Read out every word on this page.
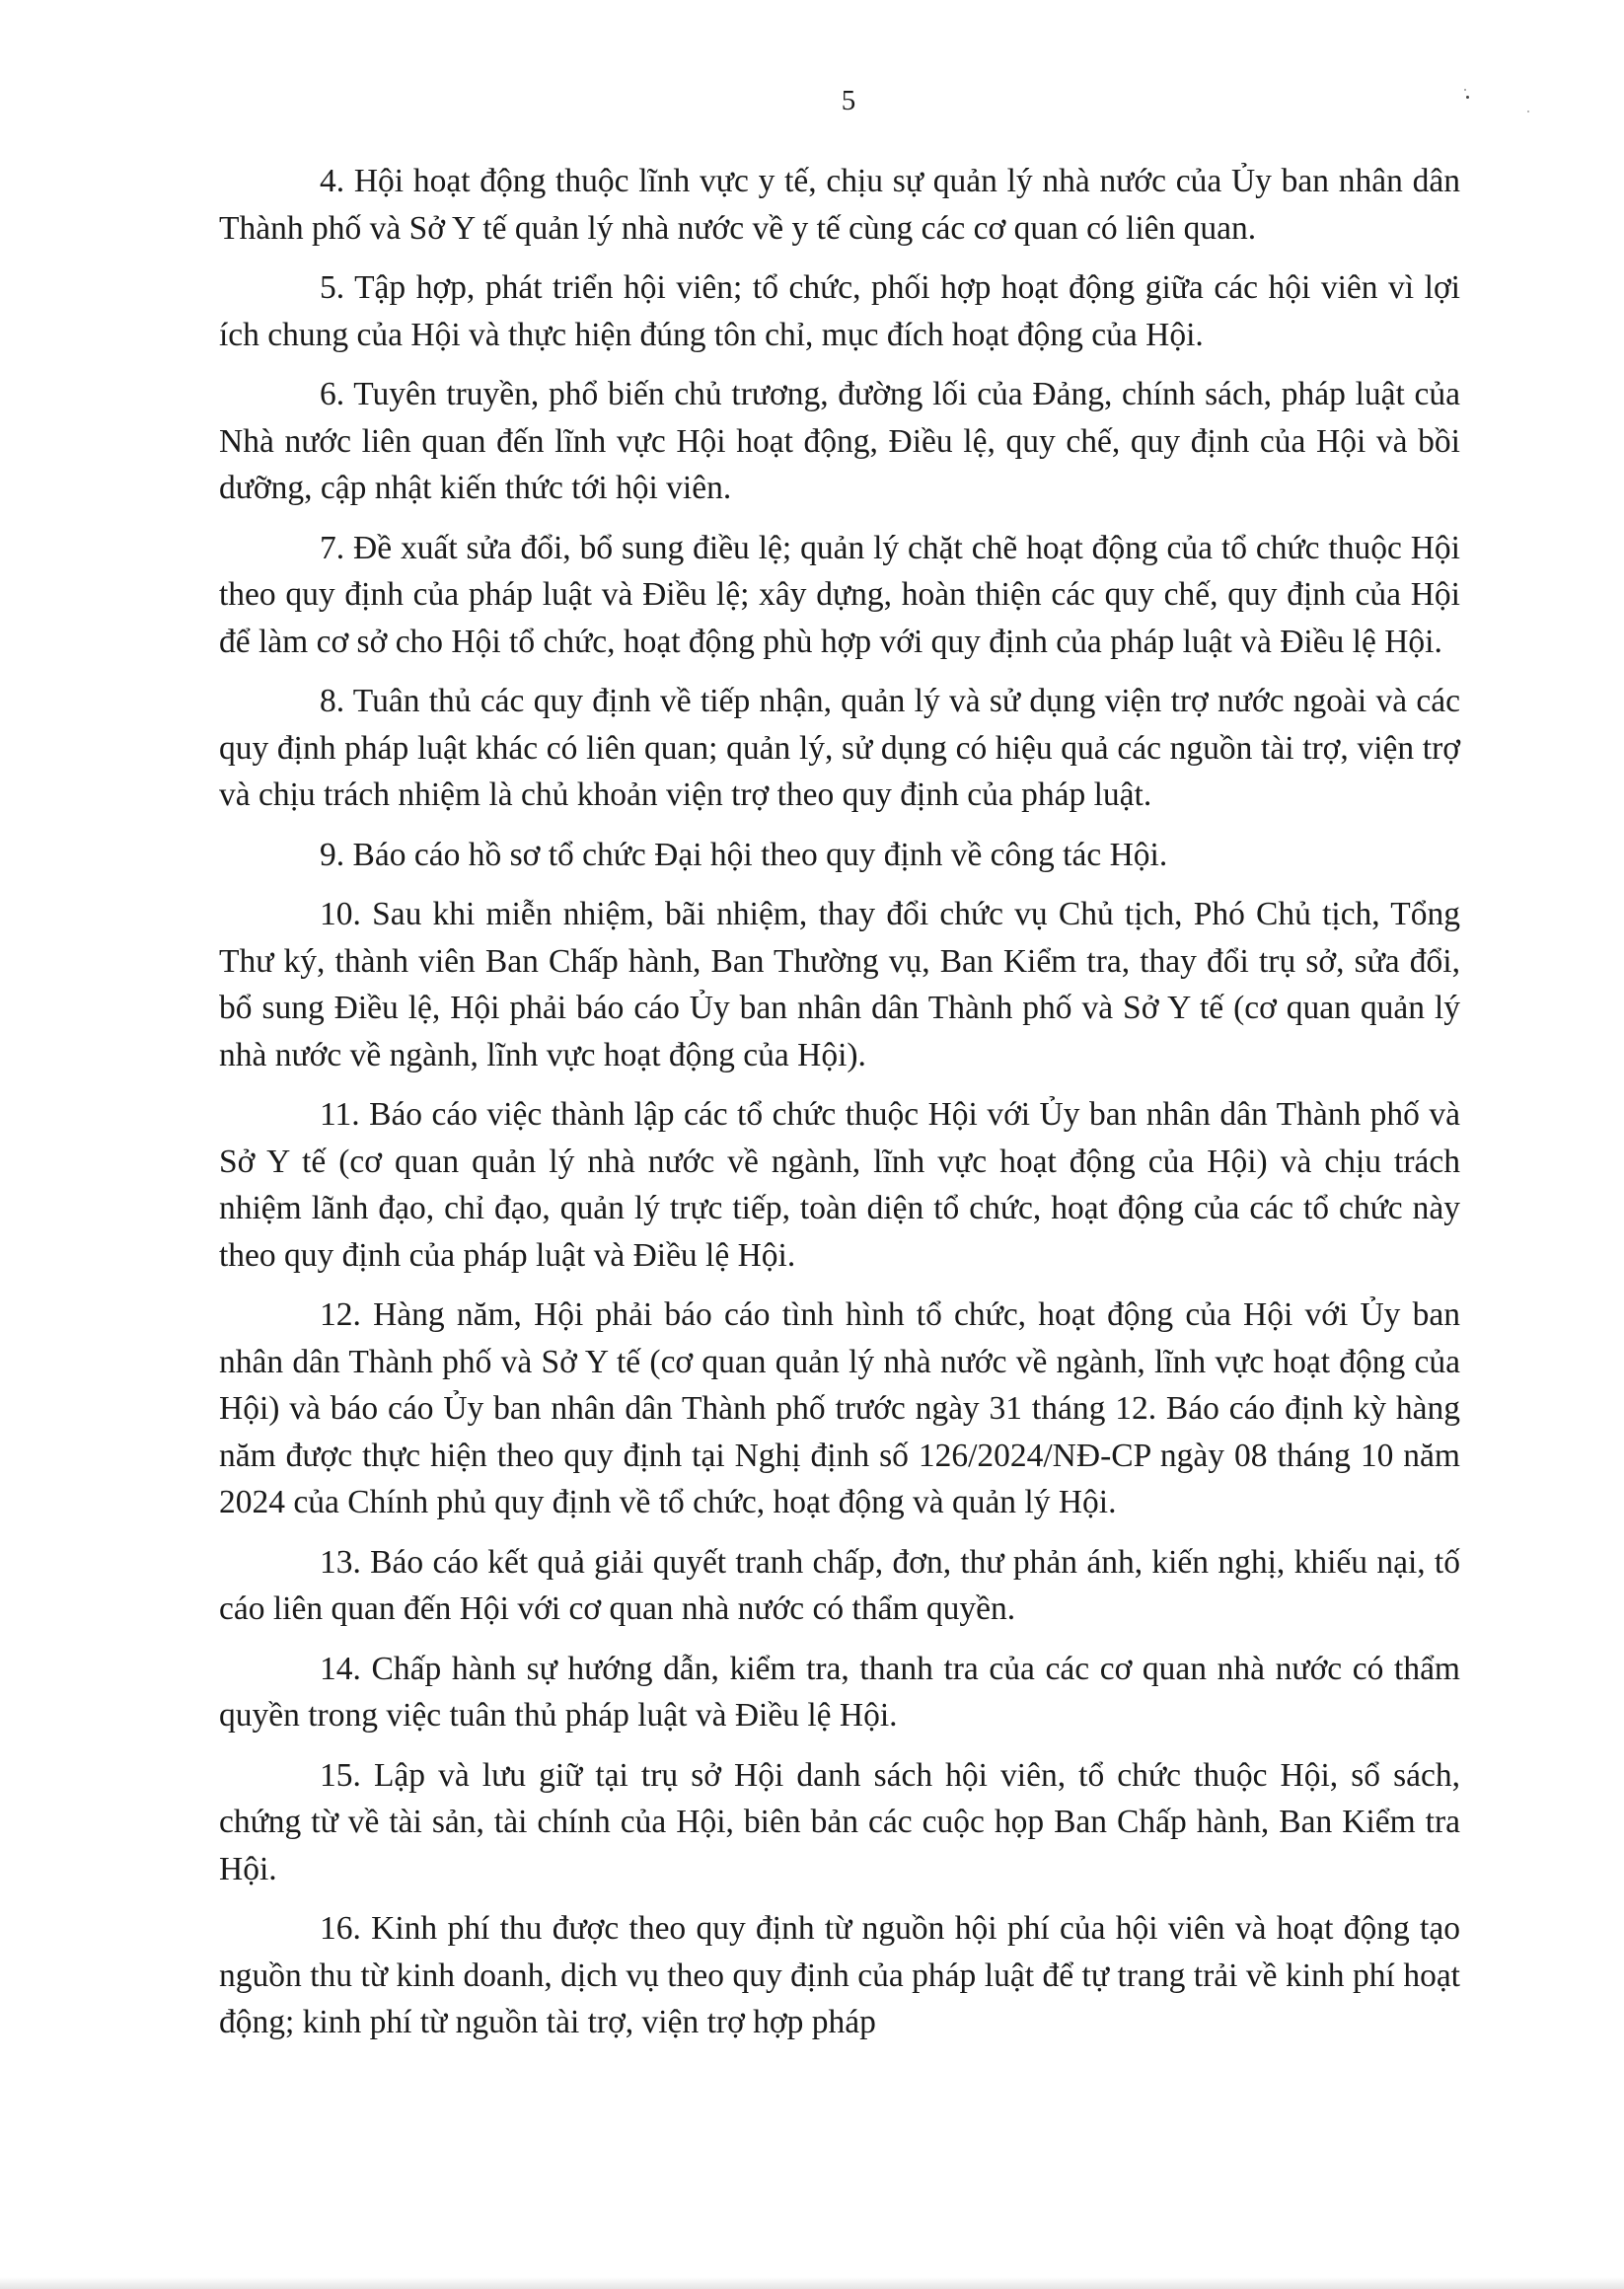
5

4. Hội hoạt động thuộc lĩnh vực y tế, chịu sự quản lý nhà nước của Ủy ban nhân dân Thành phố và Sở Y tế quản lý nhà nước về y tế cùng các cơ quan có liên quan.

5. Tập hợp, phát triển hội viên; tổ chức, phối hợp hoạt động giữa các hội viên vì lợi ích chung của Hội và thực hiện đúng tôn chỉ, mục đích hoạt động của Hội.

6. Tuyên truyền, phổ biến chủ trương, đường lối của Đảng, chính sách, pháp luật của Nhà nước liên quan đến lĩnh vực Hội hoạt động, Điều lệ, quy chế, quy định của Hội và bồi dưỡng, cập nhật kiến thức tới hội viên.

7. Đề xuất sửa đổi, bổ sung điều lệ; quản lý chặt chẽ hoạt động của tổ chức thuộc Hội theo quy định của pháp luật và Điều lệ; xây dựng, hoàn thiện các quy chế, quy định của Hội để làm cơ sở cho Hội tổ chức, hoạt động phù hợp với quy định của pháp luật và Điều lệ Hội.

8. Tuân thủ các quy định về tiếp nhận, quản lý và sử dụng viện trợ nước ngoài và các quy định pháp luật khác có liên quan; quản lý, sử dụng có hiệu quả các nguồn tài trợ, viện trợ và chịu trách nhiệm là chủ khoản viện trợ theo quy định của pháp luật.

9. Báo cáo hồ sơ tổ chức Đại hội theo quy định về công tác Hội.

10. Sau khi miễn nhiệm, bãi nhiệm, thay đổi chức vụ Chủ tịch, Phó Chủ tịch, Tổng Thư ký, thành viên Ban Chấp hành, Ban Thường vụ, Ban Kiểm tra, thay đổi trụ sở, sửa đổi, bổ sung Điều lệ, Hội phải báo cáo Ủy ban nhân dân Thành phố và Sở Y tế (cơ quan quản lý nhà nước về ngành, lĩnh vực hoạt động của Hội).

11. Báo cáo việc thành lập các tổ chức thuộc Hội với Ủy ban nhân dân Thành phố và Sở Y tế (cơ quan quản lý nhà nước về ngành, lĩnh vực hoạt động của Hội) và chịu trách nhiệm lãnh đạo, chỉ đạo, quản lý trực tiếp, toàn diện tổ chức, hoạt động của các tổ chức này theo quy định của pháp luật và Điều lệ Hội.

12. Hàng năm, Hội phải báo cáo tình hình tổ chức, hoạt động của Hội với Ủy ban nhân dân Thành phố và Sở Y tế (cơ quan quản lý nhà nước về ngành, lĩnh vực hoạt động của Hội) và báo cáo Ủy ban nhân dân Thành phố trước ngày 31 tháng 12. Báo cáo định kỳ hàng năm được thực hiện theo quy định tại Nghị định số 126/2024/NĐ-CP ngày 08 tháng 10 năm 2024 của Chính phủ quy định về tổ chức, hoạt động và quản lý Hội.

13. Báo cáo kết quả giải quyết tranh chấp, đơn, thư phản ánh, kiến nghị, khiếu nại, tố cáo liên quan đến Hội với cơ quan nhà nước có thẩm quyền.

14. Chấp hành sự hướng dẫn, kiểm tra, thanh tra của các cơ quan nhà nước có thẩm quyền trong việc tuân thủ pháp luật và Điều lệ Hội.

15. Lập và lưu giữ tại trụ sở Hội danh sách hội viên, tổ chức thuộc Hội, sổ sách, chứng từ về tài sản, tài chính của Hội, biên bản các cuộc họp Ban Chấp hành, Ban Kiểm tra Hội.

16. Kinh phí thu được theo quy định từ nguồn hội phí của hội viên và hoạt động tạo nguồn thu từ kinh doanh, dịch vụ theo quy định của pháp luật để tự trang trải về kinh phí hoạt động; kinh phí từ nguồn tài trợ, viện trợ hợp pháp
